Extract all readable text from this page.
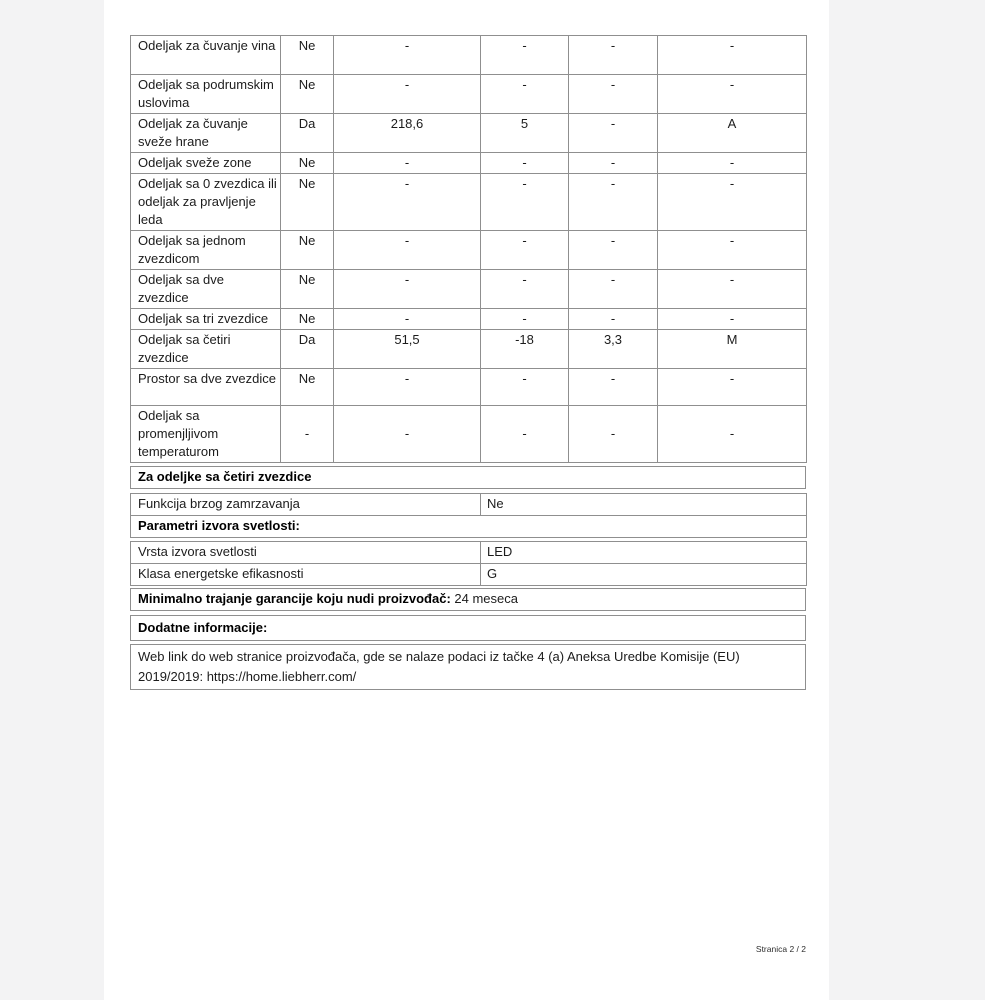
Odeljak za čuvanje vina	Ne	-	-	-	-
Odeljak sa podrumskim uslovima	Ne	-	-	-	-
Odeljak za čuvanje sveže hrane	Da	218,6	5	-	A
Odeljak sveže zone	Ne	-	-	-	-
Odeljak sa 0 zvezdica ili odeljak za pravljenje leda	Ne	-	-	-	-
Odeljak sa jednom zvezdicom	Ne	-	-	-	-
Odeljak sa dve zvezdice	Ne	-	-	-	-
Odeljak sa tri zvezdice	Ne	-	-	-	-
Odeljak sa četiri zvezdice	Da	51,5	-18	3,3	M
Prostor sa dve zvezdice	Ne	-	-	-	-
Odeljak sa promenjljivom temperaturom	-	-	-	-	-
Za odeljke sa četiri zvezdice
Funkcija brzog zamrzavanja	Ne
Parametri izvora svetlosti:
Vrsta izvora svetlosti	LED
Klasa energetske efikasnosti	G
Minimalno trajanje garancije koju nudi proizvođač: 24 meseca
Dodatne informacije:
Web link do web stranice proizvođača, gde se nalaze podaci iz tačke 4 (a) Aneksa Uredbe Komisije (EU)
2019/2019: https://home.liebherr.com/
Stranica 2 / 2
